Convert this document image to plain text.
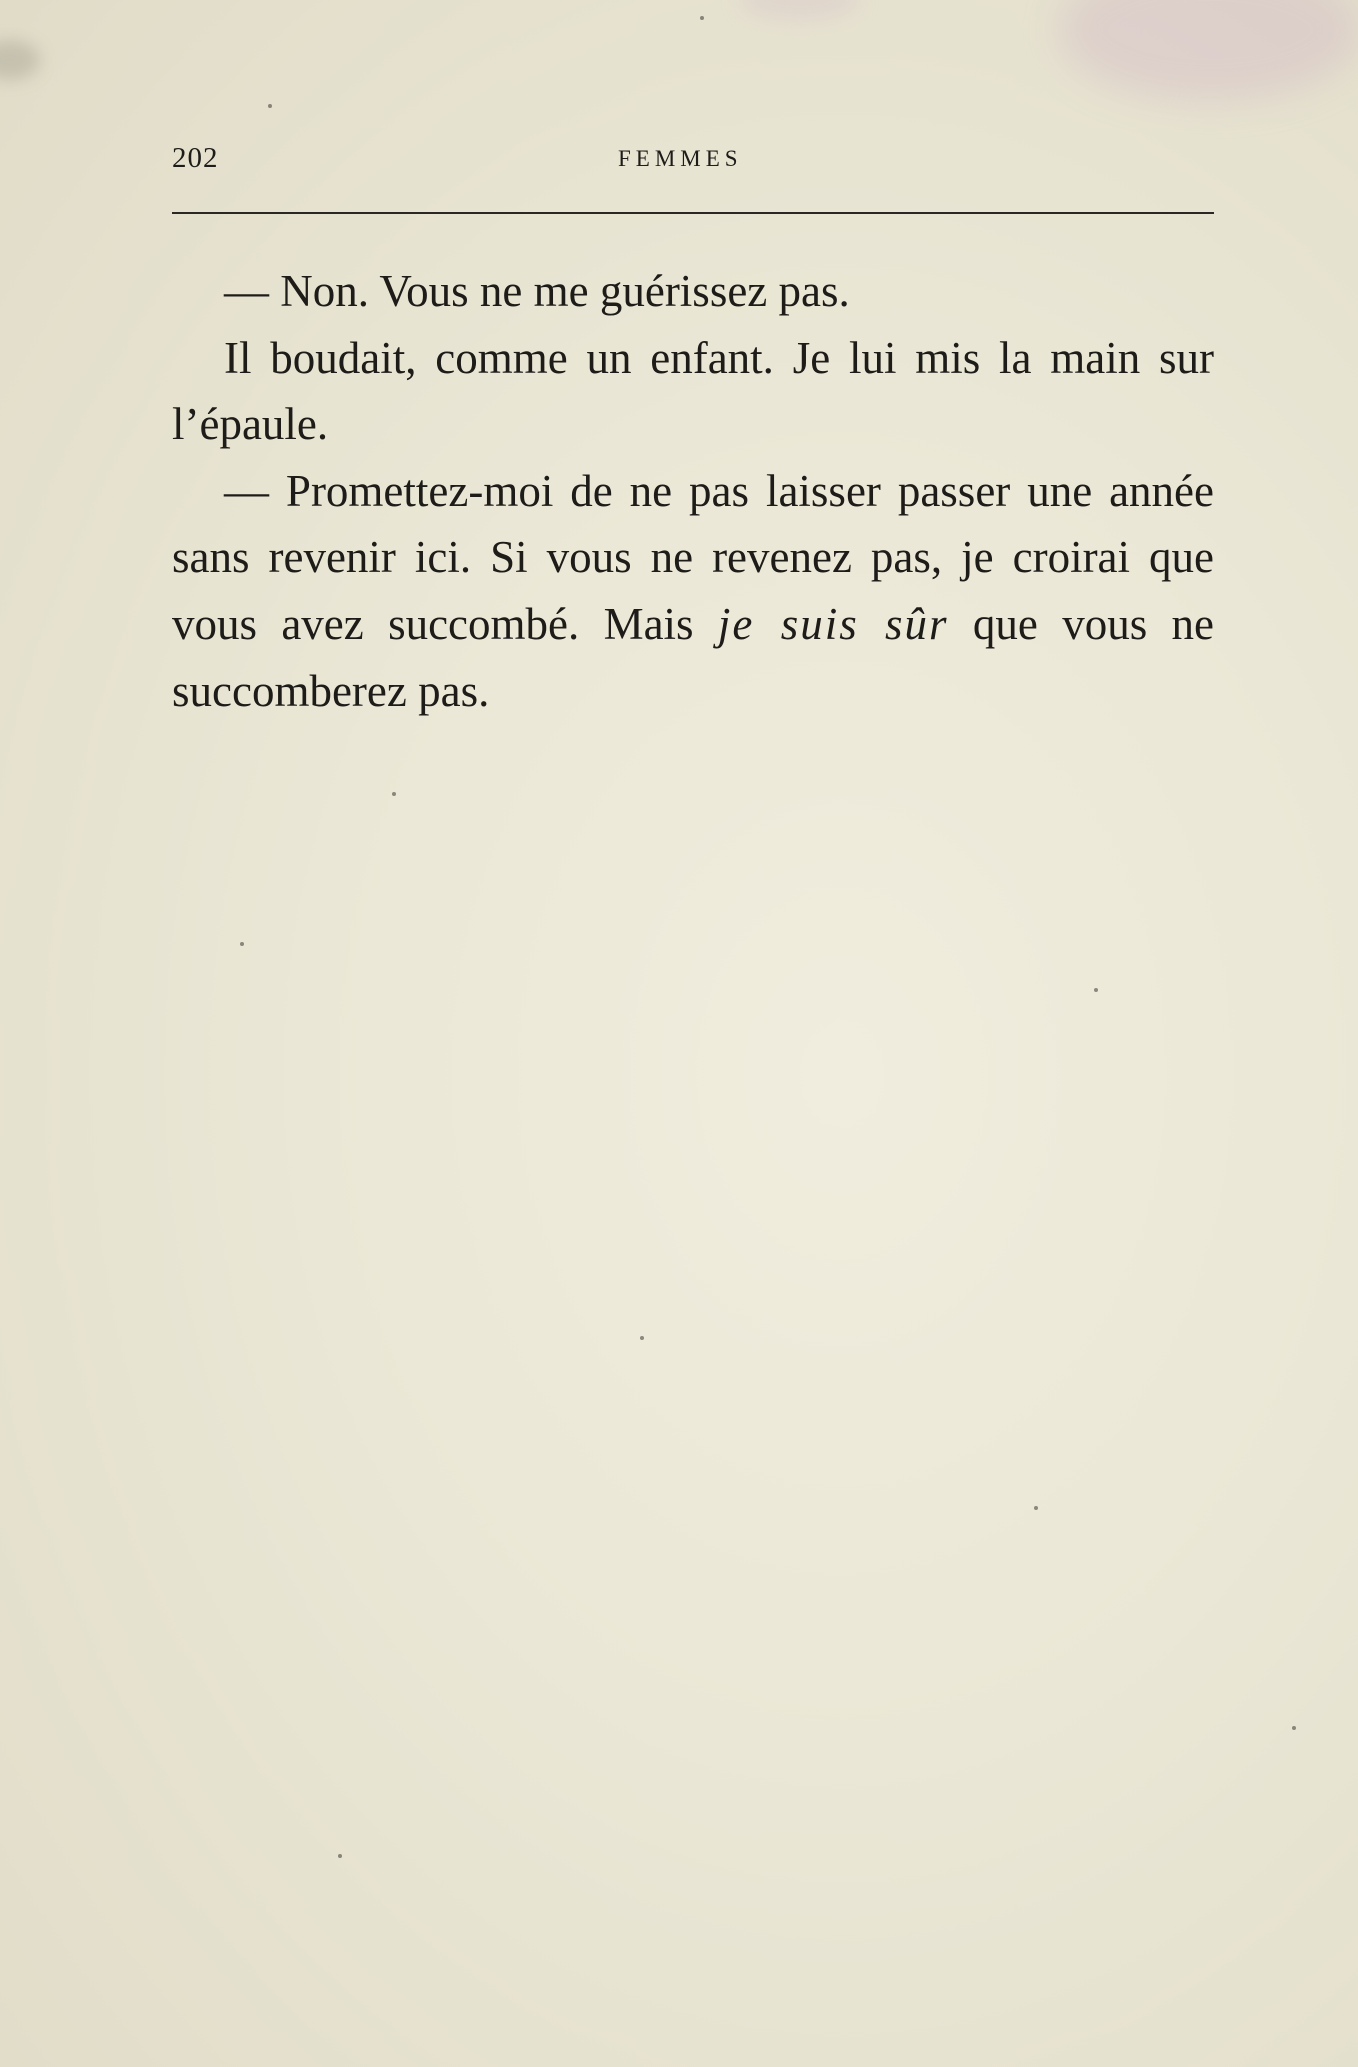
202	FEMMES

— Non. Vous ne me guérissez pas.

Il boudait, comme un enfant. Je lui mis la main sur l’épaule.

— Promettez-moi de ne pas laisser passer une année sans revenir ici. Si vous ne revenez pas, je croirai que vous avez succombé. Mais je suis sûr que vous ne succomberez pas.
